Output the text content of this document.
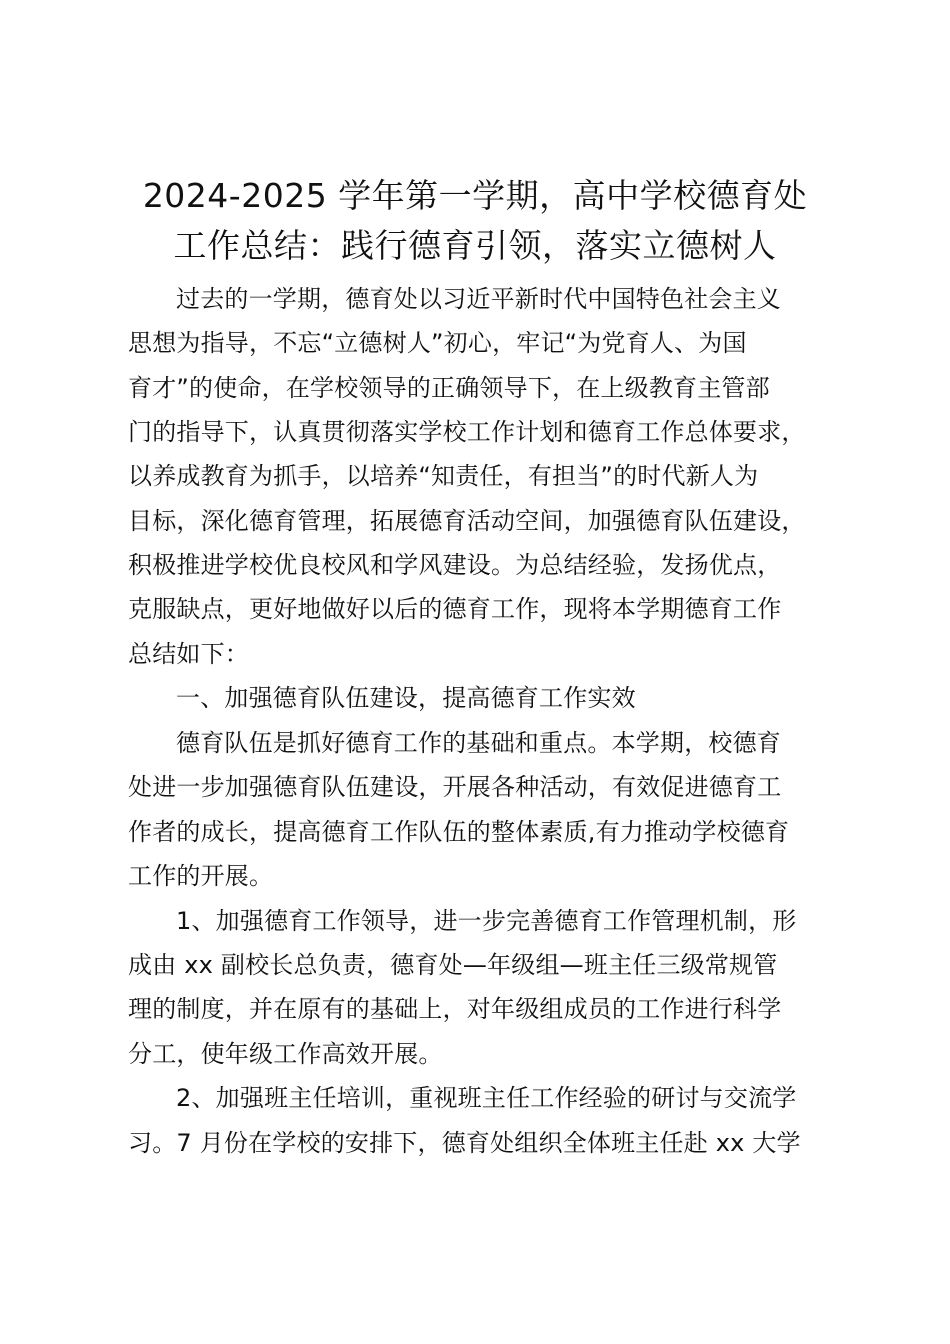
2024-2025 学年第一学期，高中学校德育处
工作总结：践行德育引领，落实立德树人
过去的一学期，德育处以习近平新时代中国特色社会主义
思想为指导，不忘“立德树人”初心，牢记“为党育人、为国
育才”的使命，在学校领导的正确领导下，在上级教育主管部
门的指导下，认真贯彻落实学校工作计划和德育工作总体要求，
以养成教育为抓手，以培养“知责任，有担当”的时代新人为
目标，深化德育管理，拓展德育活动空间，加强德育队伍建设，
积极推进学校优良校风和学风建设。为总结经验，发扬优点，
克服缺点，更好地做好以后的德育工作，现将本学期德育工作
总结如下：
一、加强德育队伍建设，提高德育工作实效
德育队伍是抓好德育工作的基础和重点。本学期，校德育
处进一步加强德育队伍建设，开展各种活动，有效促进德育工
作者的成长，提高德育工作队伍的整体素质,有力推动学校德育
工作的开展。
1、加强德育工作领导，进一步完善德育工作管理机制，形
成由 xx 副校长总负责，德育处—年级组—班主任三级常规管
理的制度，并在原有的基础上，对年级组成员的工作进行科学
分工，使年级工作高效开展。
2、加强班主任培训，重视班主任工作经验的研讨与交流学
习。7 月份在学校的安排下，德育处组织全体班主任赴 xx 大学
